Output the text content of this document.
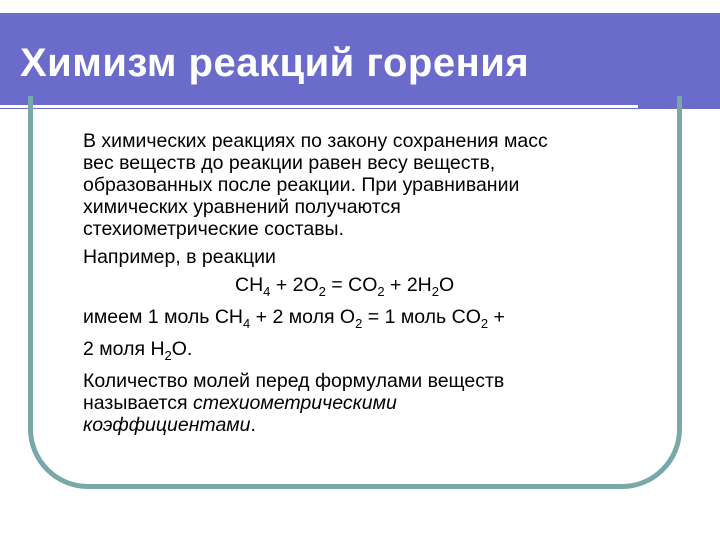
Химизм реакций горения
В химических реакциях по закону сохранения масс
вес веществ до реакции равен весу веществ,
образованных после реакции. При уравнивании
химических уравнений получаются
стехиометрические составы.
Например, в реакции
$CH_4 + 2O_2 = CO_2 + 2H_2O$
имеем 1 моль $CH_4 + 2$ моля $O_2 = 1$ моль $CO_2$ +
2 моля $H_2O$.
Количество молей перед формулами веществ
называется стехиометрическими
коэффициентами.
